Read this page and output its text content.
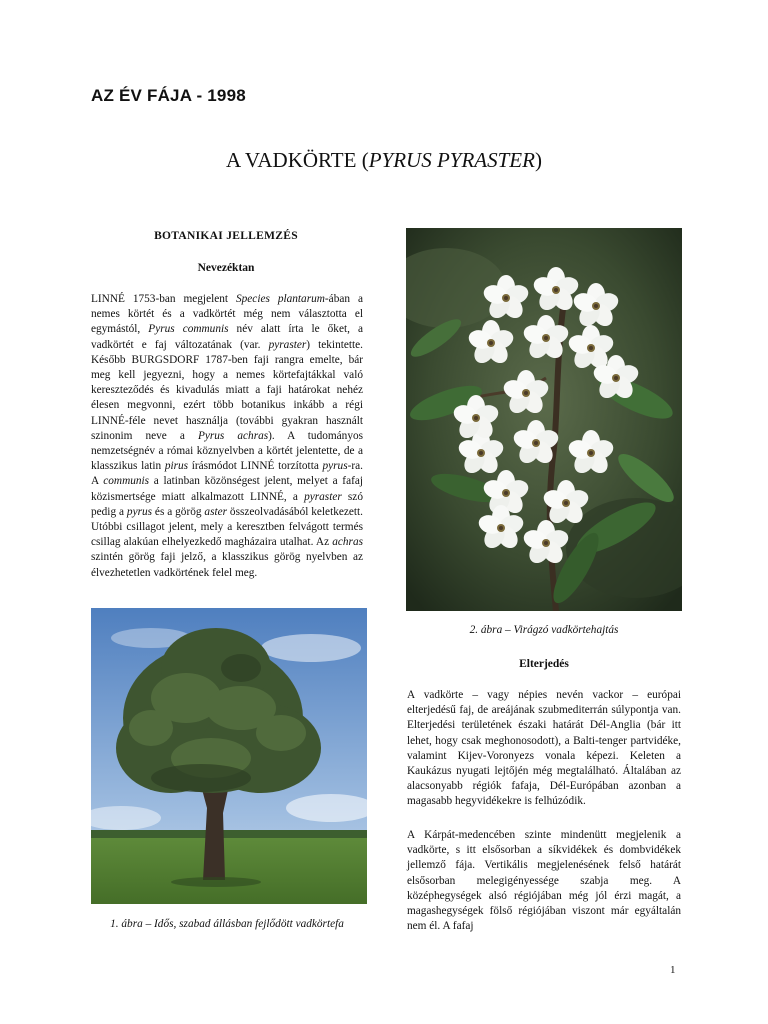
AZ ÉV FÁJA - 1998
A VADKÖRTE (PYRUS PYRASTER)
BOTANIKAI JELLEMZÉS
Nevezéktan

LINNÉ 1753-ban megjelent Species plantarum-ában a nemes körtét és a vadkörtét még nem választotta el egymástól, Pyrus communis név alatt írta le őket, a vadkörtét e faj változatának (var. pyraster) tekintette. Később BURGSDORF 1787-ben faji rangra emelte, bár meg kell jegyezni, hogy a nemes körtefajtákkal való kereszteződés és kivadulás miatt a faji határokat nehéz élesen megvonni, ezért több botanikus inkább a régi LINNÉ-féle nevet használja (további gyakran használt szinonim neve a Pyrus achras). A tudományos nemzetségnév a római köznyelvben a körtét jelentette, de a klasszikus latin pirus írásmódot LINNÉ torzította pyrus-ra. A communis a latinban közönségest jelent, melyet a fafaj közismertsége miatt alkalmazott LINNÉ, a pyraster szó pedig a pyrus és a görög aster összeolvadásából keletkezett. Utóbbi csillagot jelent, mely a keresztben felvágott termés csillag alakúan elhelyezkedő magházaira utalhat. Az achras szintén görög faji jelző, a klasszikus görög nyelvben az élvezhetetlen vadkörtének felel meg.

2. ábra – Virágzó vadkörtehajtás
1. ábra – Idős, szabad állásban fejlődött vadkörtefa
Elterjedés

A vadkörte – vagy népies nevén vackor – európai elterjedésű faj, de areájának szubmediterrán súlypontja van. Elterjedési területének északi határát Dél-Anglia (bár itt lehet, hogy csak meghonosodott), a Balti-tenger partvidéke, valamint Kijev-Voronyezs vonala képezi. Keleten a Kaukázus nyugati lejtőjén még megtalálható. Általában az alacsonyabb régiók fafaja, Dél-Európában azonban a magasabb hegyvidékekre is felhúzódik.

A Kárpát-medencében szinte mindenütt megjelenik a vadkörte, s itt elsősorban a síkvidékek és dombvidékek jellemző fája. Vertikális megjelenésének felső határát elsősorban melegigényessége szabja meg. A középhegységek alsó régiójában még jól érzi magát, a magashegységek fölső régiójában viszont már egyáltalán nem él. A fafaj

1
